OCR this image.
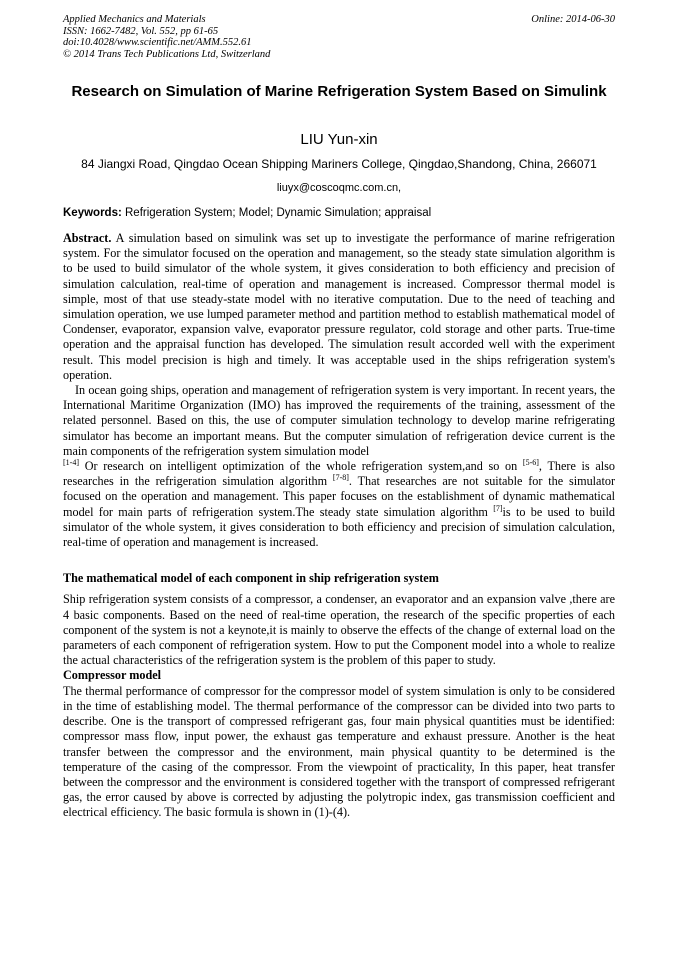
Applied Mechanics and Materials
ISSN: 1662-7482, Vol. 552, pp 61-65
doi:10.4028/www.scientific.net/AMM.552.61
© 2014 Trans Tech Publications Ltd, Switzerland
Online: 2014-06-30
Research on Simulation of Marine Refrigeration System Based on Simulink
LIU Yun-xin
84 Jiangxi Road, Qingdao Ocean Shipping Mariners College, Qingdao,Shandong, China, 266071
liuyx@coscoqmc.com.cn,
Keywords: Refrigeration System; Model; Dynamic Simulation; appraisal

Abstract. A simulation based on simulink was set up to investigate the performance of marine refrigeration system. For the simulator focused on the operation and management, so the steady state simulation algorithm is to be used to build simulator of the whole system, it gives consideration to both efficiency and precision of simulation calculation, real-time of operation and management is increased. Compressor thermal model is simple, most of that use steady-state model with no iterative computation. Due to the need of teaching and simulation operation, we use lumped parameter method and partition method to establish mathematical model of Condenser, evaporator, expansion valve, evaporator pressure regulator, cold storage and other parts. True-time operation and the appraisal function has developed. The simulation result accorded well with the experiment result. This model precision is high and timely. It was acceptable used in the ships refrigeration system's operation.

In ocean going ships, operation and management of refrigeration system is very important. In recent years, the International Maritime Organization (IMO) has improved the requirements of the training, assessment of the related personnel. Based on this, the use of computer simulation technology to develop marine refrigerating simulator has become an important means. But the computer simulation of refrigeration device current is the main components of the refrigeration system simulation model
[1-4] Or research on intelligent optimization of the whole refrigeration system,and so on [5-6], There is also researches in the refrigeration simulation algorithm [7-8]. That researches are not suitable for the simulator focused on the operation and management. This paper focuses on the establishment of dynamic mathematical model for main parts of refrigeration system.The steady state simulation algorithm [7]is to be used to build simulator of the whole system, it gives consideration to both efficiency and precision of simulation calculation, real-time of operation and management is increased.

The mathematical model of each component in ship refrigeration system

Ship refrigeration system consists of a compressor, a condenser, an evaporator and an expansion valve ,there are 4 basic components. Based on the need of real-time operation, the research of the specific properties of each component of the system is not a keynote,it is mainly to observe the effects of the change of external load on the parameters of each component of refrigeration system. How to put the Component model into a whole to realize the actual characteristics of the refrigeration system is the problem of this paper to study.

Compressor model

The thermal performance of compressor for the compressor model of system simulation is only to be considered in the time of establishing model. The thermal performance of the compressor can be divided into two parts to describe. One is the transport of compressed refrigerant gas, four main physical quantities must be identified: compressor mass flow, input power, the exhaust gas temperature and exhaust pressure. Another is the heat transfer between the compressor and the environment, main physical quantity to be determined is the temperature of the casing of the compressor. From the viewpoint of practicality, In this paper, heat transfer between the compressor and the environment is considered together with the transport of compressed refrigerant gas, the error caused by above is corrected by adjusting the polytropic index, gas transmission coefficient and electrical efficiency. The basic formula is shown in (1)-(4).
